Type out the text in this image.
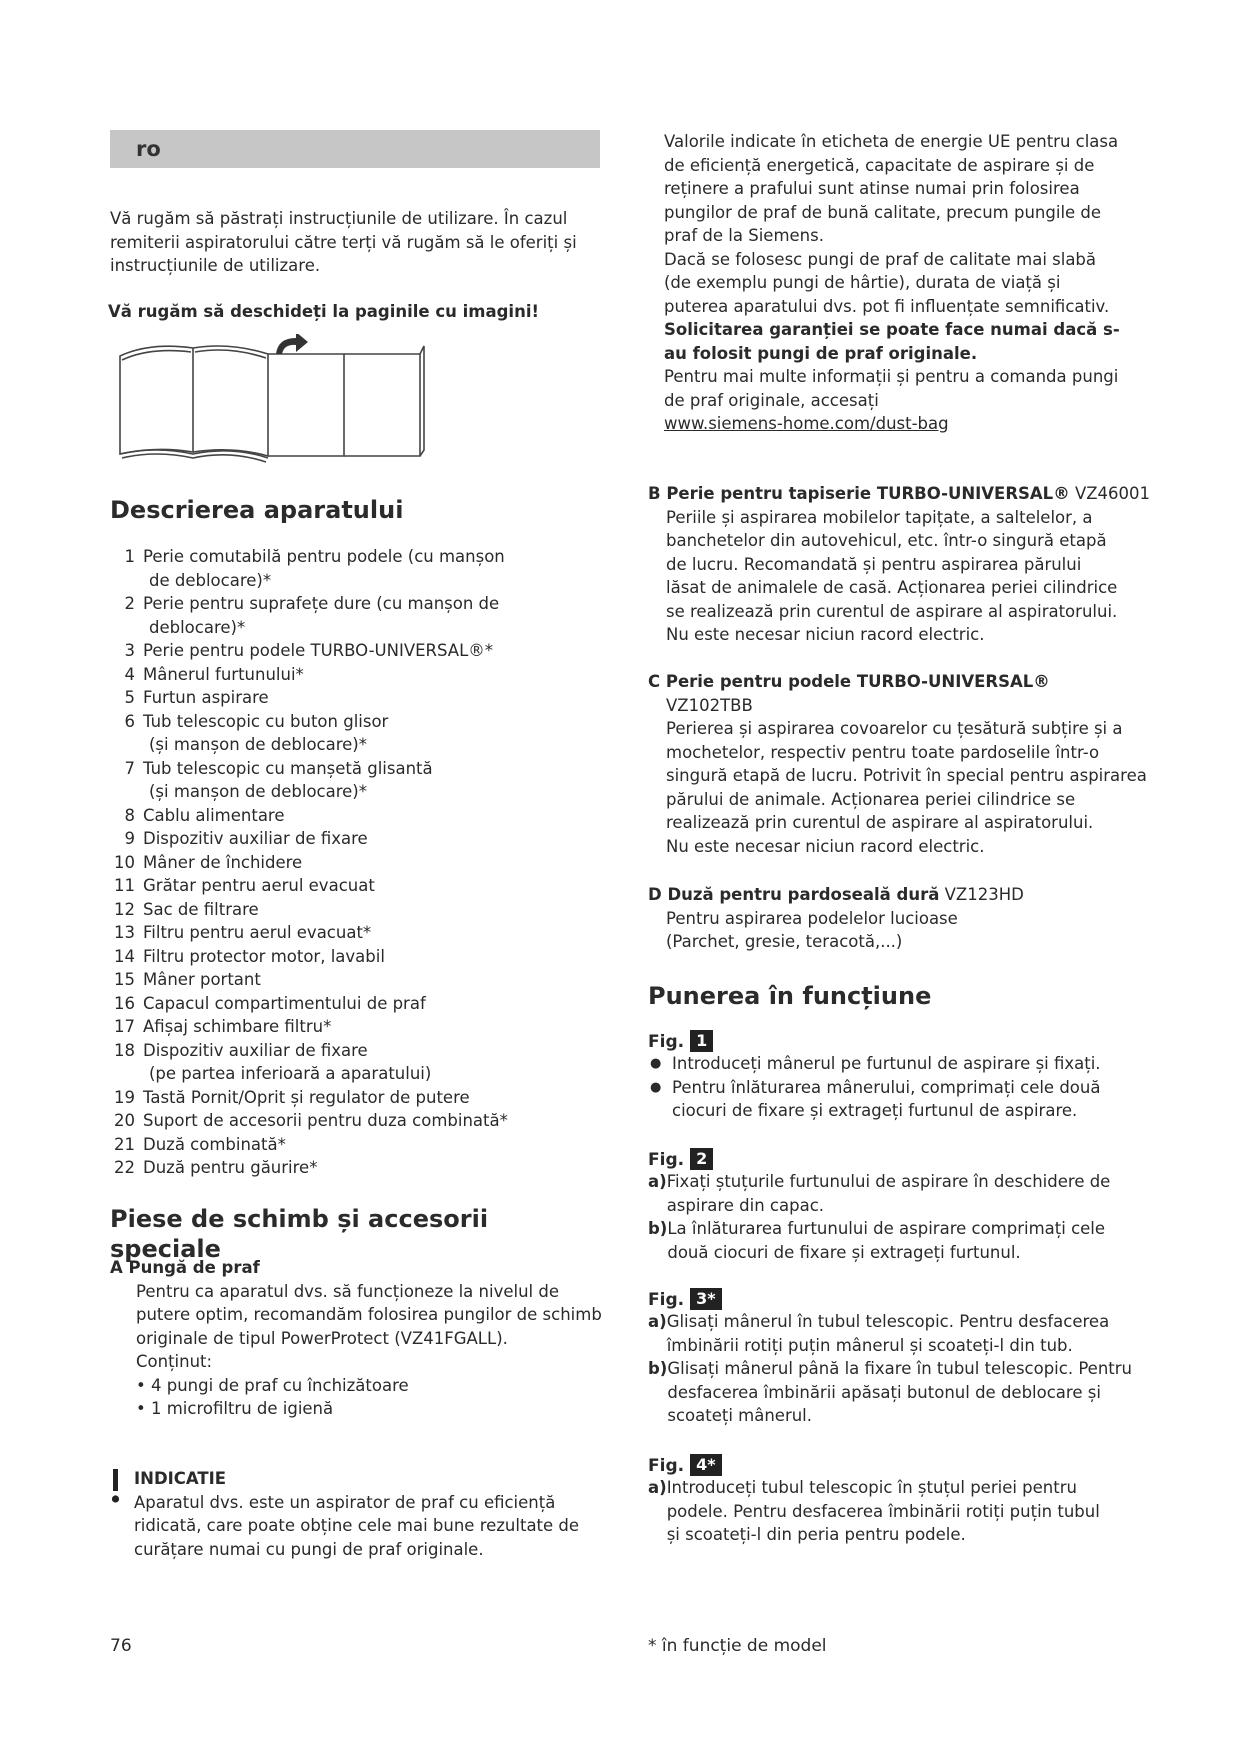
ro

Vă rugăm să păstrați instrucțiunile de utilizare. În cazul remiterii aspiratorului către terți vă rugăm să le oferiți și instrucțiunile de utilizare.

Vă rugăm să deschideți la paginile cu imagini!
Descrierea aparatului
1 Perie comutabilă pentru podele (cu manșon
de deblocare)*
2 Perie pentru suprafețe dure (cu manșon de
deblocare)*
3 Perie pentru podele TURBO-UNIVERSAL®*
4 Mânerul furtunului*
5 Furtun aspirare
6 Tub telescopic cu buton glisor
(și manșon de deblocare)*
7 Tub telescopic cu manșetă glisantă
(și manșon de deblocare)*
8 Cablu alimentare
9 Dispozitiv auxiliar de fixare
10 Mâner de închidere
11 Grătar pentru aerul evacuat
12 Sac de filtrare
13 Filtru pentru aerul evacuat*
14 Filtru protector motor, lavabil
15 Mâner portant
16 Capacul compartimentului de praf
17 Afișaj schimbare filtru*
18 Dispozitiv auxiliar de fixare
(pe partea inferioară a aparatului)
19 Tastă Pornit/Oprit și regulator de putere
20 Suport de accesorii pentru duza combinată*
21 Duză combinată*
22 Duză pentru găurire*
Piese de schimb și accesorii speciale
A Pungă de praf

Pentru ca aparatul dvs. să funcționeze la nivelul de putere optim, recomandăm folosirea pungilor de schimb originale de tipul PowerProtect (VZ41FGALL).

Conținut:

• 4 pungi de praf cu închizătoare

• 1 microfiltru de igienă

INDICATIE

Aparatul dvs. este un aspirator de praf cu eficiență ridicată, care poate obține cele mai bune rezultate de curățare numai cu pungi de praf originale.

76

Valorile indicate în eticheta de energie UE pentru clasa de eficiență energetică, capacitate de aspirare și de reținere a prafului sunt atinse numai prin folosirea pungilor de praf de bună calitate, precum pungile de praf de la Siemens.

Dacă se folosesc pungi de praf de calitate mai slabă (de exemplu pungi de hârtie), durata de viață și puterea aparatului dvs. pot fi influențate semnificativ.

Solicitarea garanției se poate face numai dacă s-au folosit pungi de praf originale.

Pentru mai multe informații și pentru a comanda pungi de praf originale, accesați

www.siemens-home.com/dust-bag

B Perie pentru tapiserie TURBO-UNIVERSAL® VZ46001

Periile și aspirarea mobilelor tapițate, a saltelelor, a banchetelor din autovehicul, etc. într-o singură etapă de lucru. Recomandată și pentru aspirarea părului lăsat de animalele de casă. Acționarea periei cilindrice se realizează prin curentul de aspirare al aspiratorului.

Nu este necesar niciun racord electric.

C Perie pentru podele TURBO-UNIVERSAL®

VZ102TBB

Perierea și aspirarea covoarelor cu țesătură subțire și a mochetelor, respectiv pentru toate pardoselile într-o singură etapă de lucru. Potrivit în special pentru aspirarea părului de animale. Acționarea periei cilindrice se realizează prin curentul de aspirare al aspiratorului.

Nu este necesar niciun racord electric.

D Duză pentru pardoseală dură VZ123HD

Pentru aspirarea podelelor lucioase

(Parchet, gresie, teracotă,...)

Punerea în funcțiune
Fig. 1
● Introduceți mânerul pe furtunul de aspirare și fixați.
● Pentru înlăturarea mânerului, comprimați cele două ciocuri de fixare și extrageți furtunul de aspirare.
Fig. 2
a) Fixați ștuțurile furtunului de aspirare în deschidere de aspirare din capac.
b) La înlăturarea furtunului de aspirare comprimați cele două ciocuri de fixare și extrageți furtunul.
Fig. 3*
a) Glisați mânerul în tubul telescopic. Pentru desfacerea îmbinării rotiți puțin mânerul și scoateți-l din tub.
b) Glisați mânerul până la fixare în tubul telescopic. Pentru desfacerea îmbinării apăsați butonul de deblocare și scoateți mânerul.
Fig. 4*
a) Introduceți tubul telescopic în ștuțul periei pentru podele. Pentru desfacerea îmbinării rotiți puțin tubul și scoateți-l din peria pentru podele.
* în funcție de model
